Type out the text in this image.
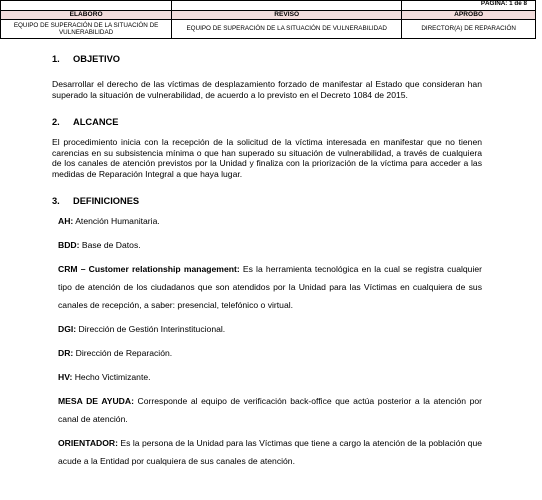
		PÁGINA: 1 de 8
ELABORÓ	REVISÓ	APROBÓ
EQUIPO DE SUPERACIÓN DE LA SITUACIÓN DE VULNERABILIDAD	EQUIPO DE SUPERACIÓN DE LA SITUACIÓN DE VULNERABILIDAD	DIRECTOR(A) DE REPARACIÓN
1.	OBJETIVO

Desarrollar el derecho de las víctimas de desplazamiento forzado de manifestar al Estado que consideran han superado la situación de vulnerabilidad, de acuerdo a lo previsto en el Decreto 1084 de 2015.

2.	ALCANCE

El procedimiento inicia con la recepción de la solicitud de la víctima interesada en manifestar que no tienen carencias en su subsistencia mínima o que han superado su situación de vulnerabilidad, a través de cualquiera de los canales de atención previstos por la Unidad y finaliza con la priorización de la víctima para acceder a las medidas de Reparación Integral a que haya lugar.

3.	DEFINICIONES

AH: Atención Humanitaria.

BDD: Base de Datos.

CRM – Customer relationship management: Es la herramienta tecnológica en la cual se registra cualquier tipo de atención de los ciudadanos que son atendidos por la Unidad para las Víctimas en cualquiera de sus canales de recepción, a saber: presencial, telefónico o virtual.

DGI: Dirección de Gestión Interinstitucional.

DR: Dirección de Reparación.

HV: Hecho Victimizante.

MESA DE AYUDA: Corresponde al equipo de verificación back-office que actúa posterior a la atención por canal de atención.

ORIENTADOR: Es la persona de la Unidad para las Víctimas que tiene a cargo la atención de la población que acude a la Entidad por cualquiera de sus canales de atención.
